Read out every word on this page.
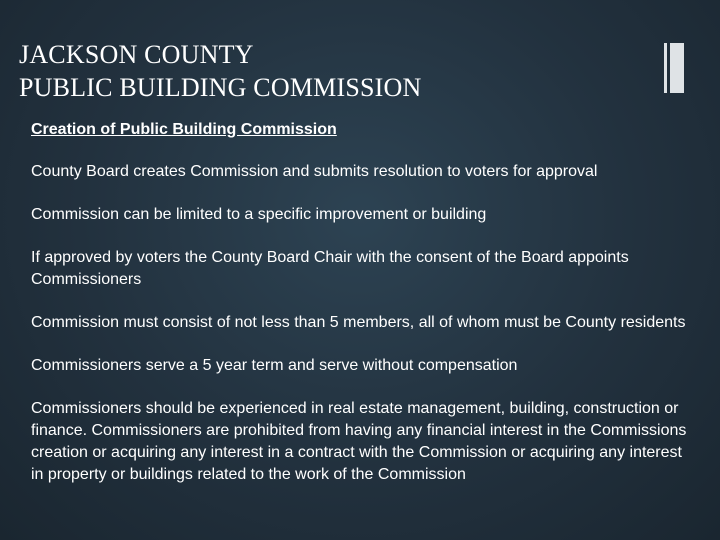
JACKSON COUNTY
PUBLIC BUILDING COMMISSION
Creation of Public Building Commission
County Board creates Commission and submits resolution to voters for approval
Commission can be limited to a specific improvement or building
If approved by voters the County Board Chair with the consent of the Board appoints Commissioners
Commission must consist of not less than 5 members, all of whom must be County residents
Commissioners serve a 5 year term and serve without compensation
Commissioners should be experienced in real estate management, building, construction or finance. Commissioners are prohibited from having any financial interest in the Commissions creation or acquiring any interest in a contract with the Commission or acquiring any interest in property or buildings related to the work of the Commission
